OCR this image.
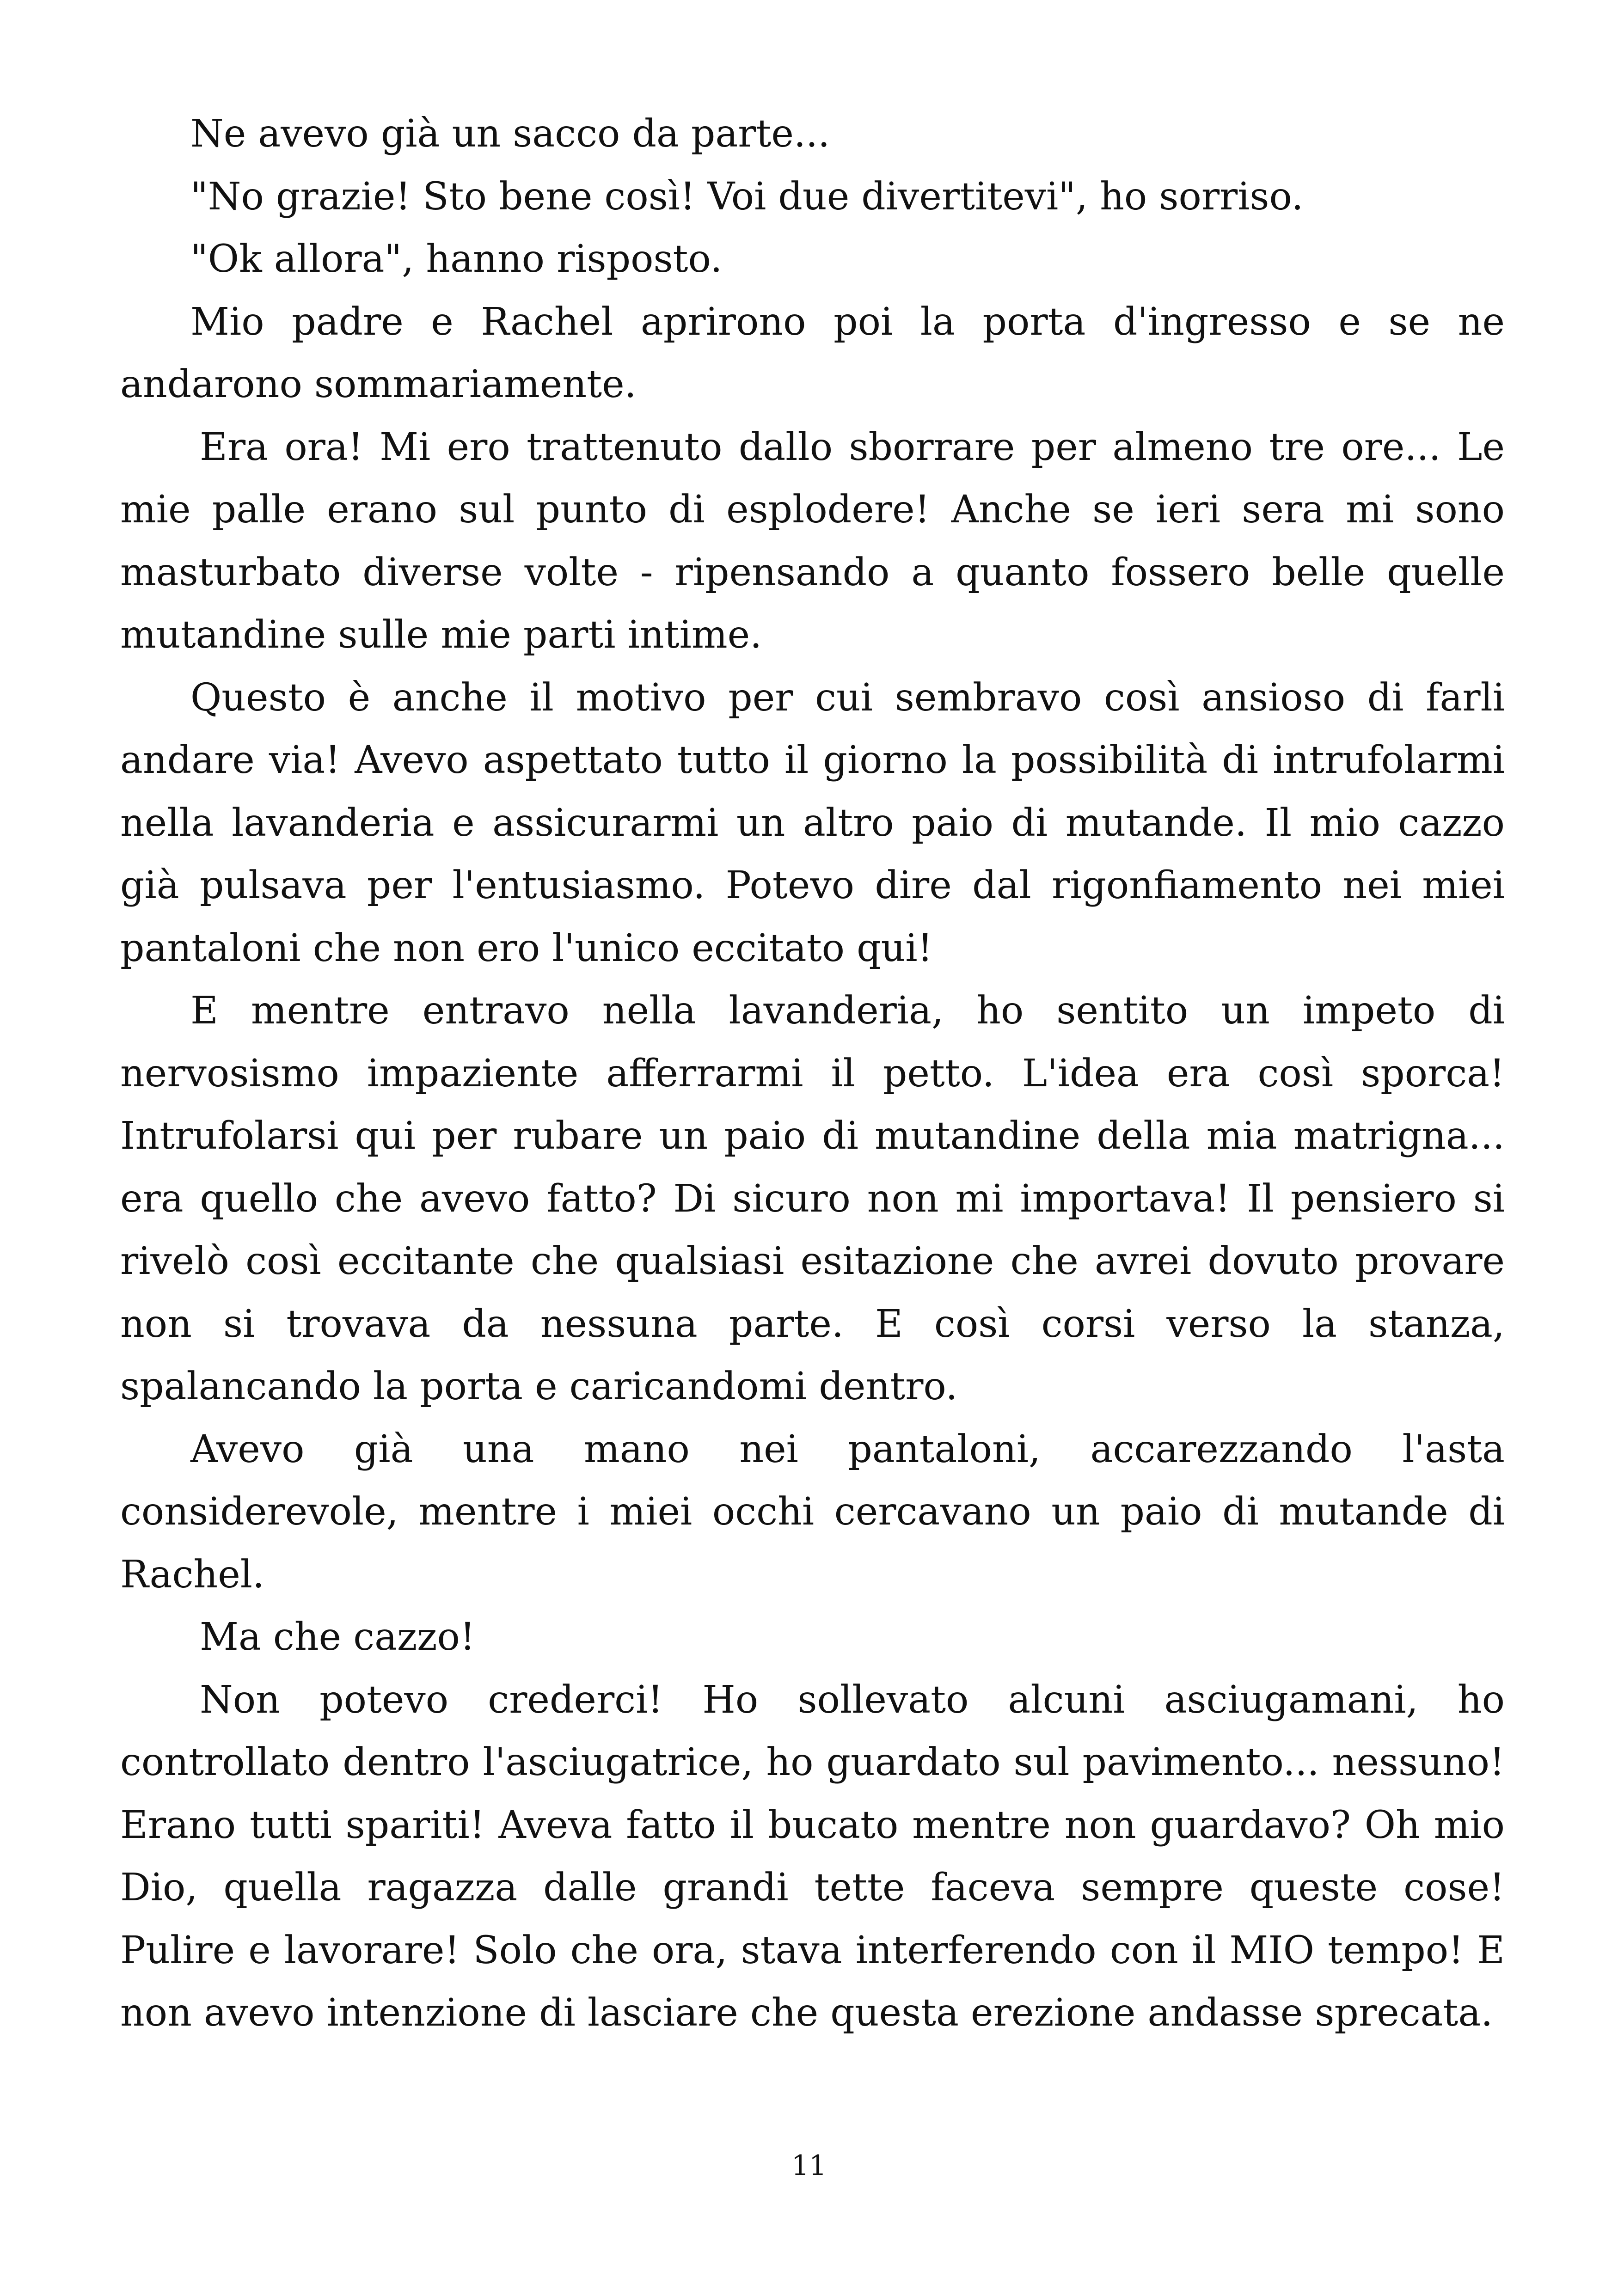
Ne avevo già un sacco da parte...

"No grazie! Sto bene così! Voi due divertitevi", ho sorriso.

"Ok allora", hanno risposto.

Mio padre e Rachel aprirono poi la porta d'ingresso e se ne andarono sommariamente.

Era ora! Mi ero trattenuto dallo sborrare per almeno tre ore... Le mie palle erano sul punto di esplodere! Anche se ieri sera mi sono masturbato diverse volte - ripensando a quanto fossero belle quelle mutandine sulle mie parti intime.

Questo è anche il motivo per cui sembravo così ansioso di farli andare via! Avevo aspettato tutto il giorno la possibilità di intrufolarmi nella lavanderia e assicurarmi un altro paio di mutande. Il mio cazzo già pulsava per l'entusiasmo. Potevo dire dal rigonfiamento nei miei pantaloni che non ero l'unico eccitato qui!

E mentre entravo nella lavanderia, ho sentito un impeto di nervosismo impaziente afferrarmi il petto. L'idea era così sporca! Intrufolarsi qui per rubare un paio di mutandine della mia matrigna... era quello che avevo fatto? Di sicuro non mi importava! Il pensiero si rivelò così eccitante che qualsiasi esitazione che avrei dovuto provare non si trovava da nessuna parte. E così corsi verso la stanza, spalancando la porta e caricandomi dentro.

Avevo già una mano nei pantaloni, accarezzando l'asta considerevole, mentre i miei occhi cercavano un paio di mutande di Rachel.

Ma che cazzo!

Non potevo crederci! Ho sollevato alcuni asciugamani, ho controllato dentro l'asciugatrice, ho guardato sul pavimento... nessuno! Erano tutti spariti! Aveva fatto il bucato mentre non guardavo? Oh mio Dio, quella ragazza dalle grandi tette faceva sempre queste cose! Pulire e lavorare! Solo che ora, stava interferendo con il MIO tempo! E non avevo intenzione di lasciare che questa erezione andasse sprecata.

11
